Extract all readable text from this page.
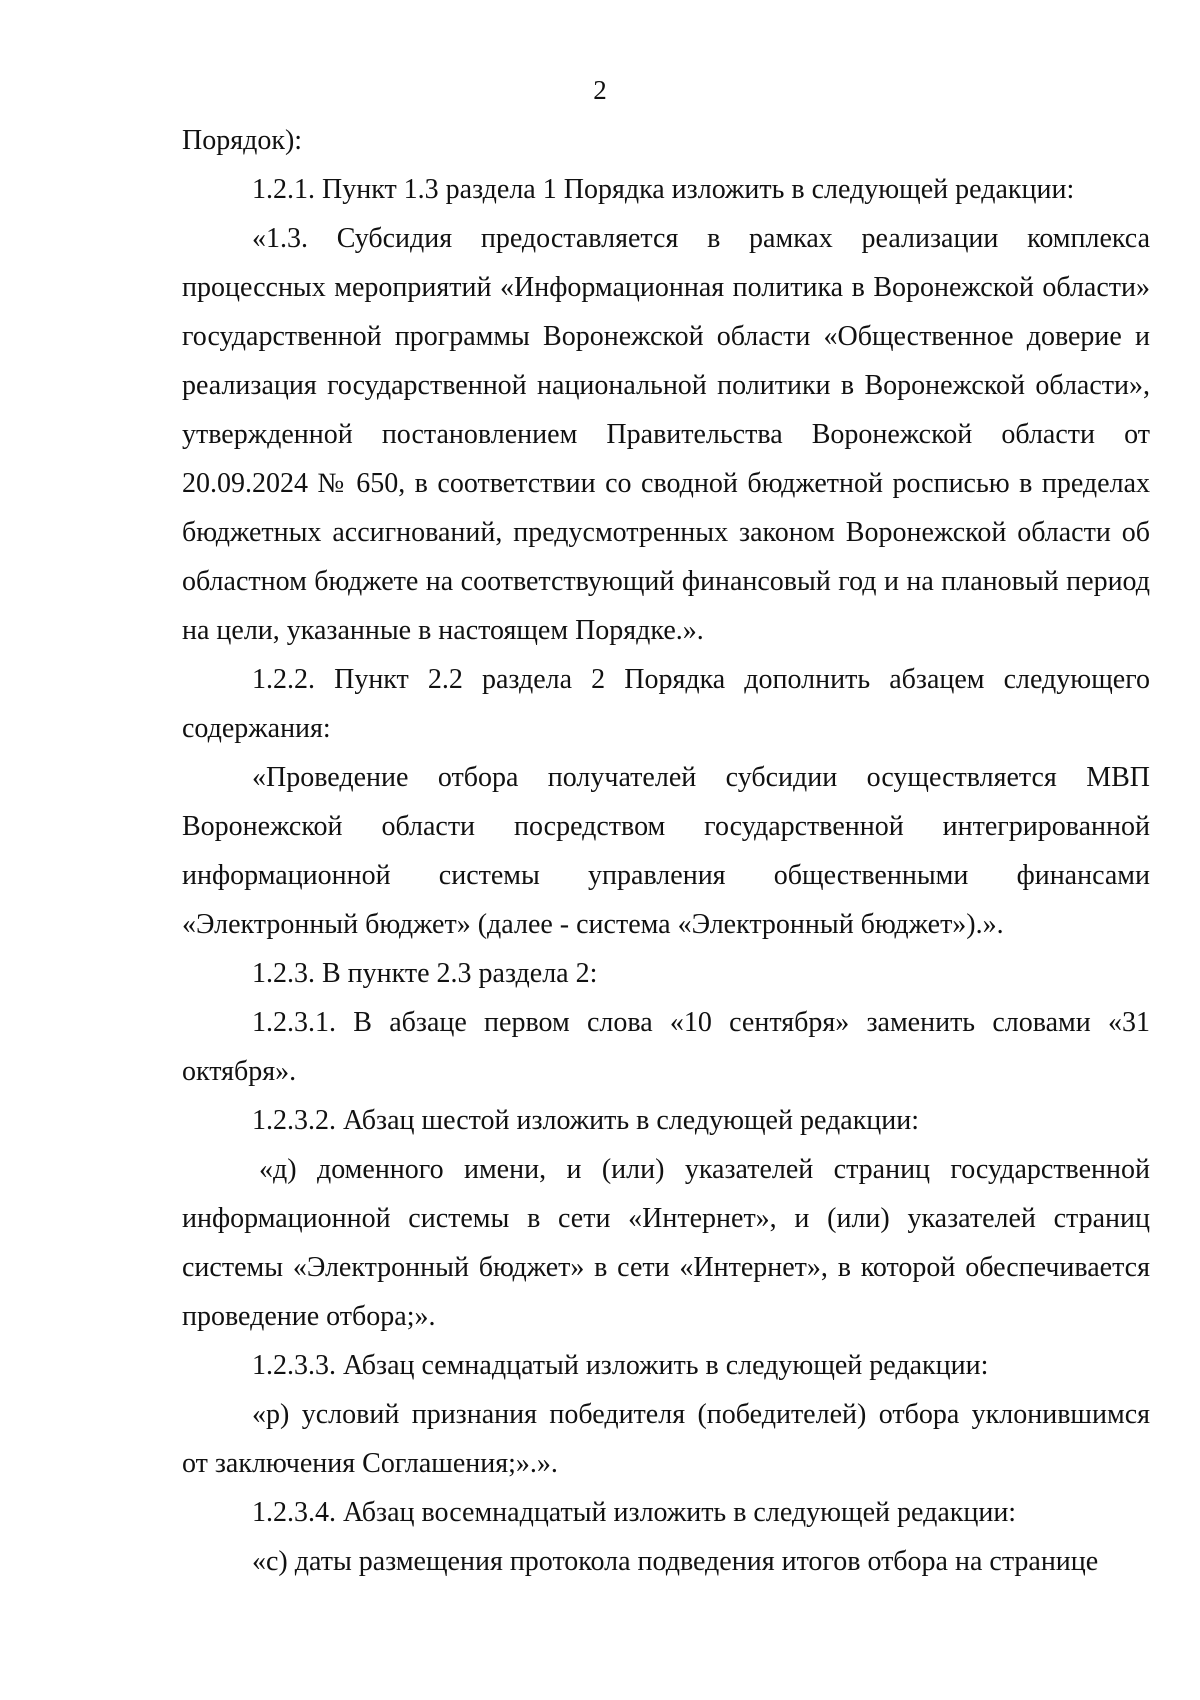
2

Порядок):

1.2.1. Пункт 1.3 раздела 1 Порядка изложить в следующей редакции:

«1.3. Субсидия предоставляется в рамках реализации комплекса процессных мероприятий «Информационная политика в Воронежской области» государственной программы Воронежской области «Общественное доверие и реализация государственной национальной политики в Воронежской области», утвержденной постановлением Правительства Воронежской области от 20.09.2024 № 650, в соответствии со сводной бюджетной росписью в пределах бюджетных ассигнований, предусмотренных законом Воронежской области об областном бюджете на соответствующий финансовый год и на плановый период на цели, указанные в настоящем Порядке.».

1.2.2. Пункт 2.2 раздела 2 Порядка дополнить абзацем следующего содержания:

«Проведение отбора получателей субсидии осуществляется МВП Воронежской области посредством государственной интегрированной информационной системы управления общественными финансами «Электронный бюджет» (далее - система «Электронный бюджет»).».

1.2.3. В пункте 2.3 раздела 2:

1.2.3.1. В абзаце первом слова «10 сентября» заменить словами «31 октября».

1.2.3.2. Абзац шестой изложить в следующей редакции:

«д) доменного имени, и (или) указателей страниц государственной информационной системы в сети «Интернет», и (или) указателей страниц системы «Электронный бюджет» в сети «Интернет», в которой обеспечивается проведение отбора;».

1.2.3.3. Абзац семнадцатый изложить в следующей редакции:

«р) условий признания победителя (победителей) отбора уклонившимся от заключения Соглашения;».».

1.2.3.4. Абзац восемнадцатый изложить в следующей редакции:

«с) даты размещения протокола подведения итогов отбора на странице
